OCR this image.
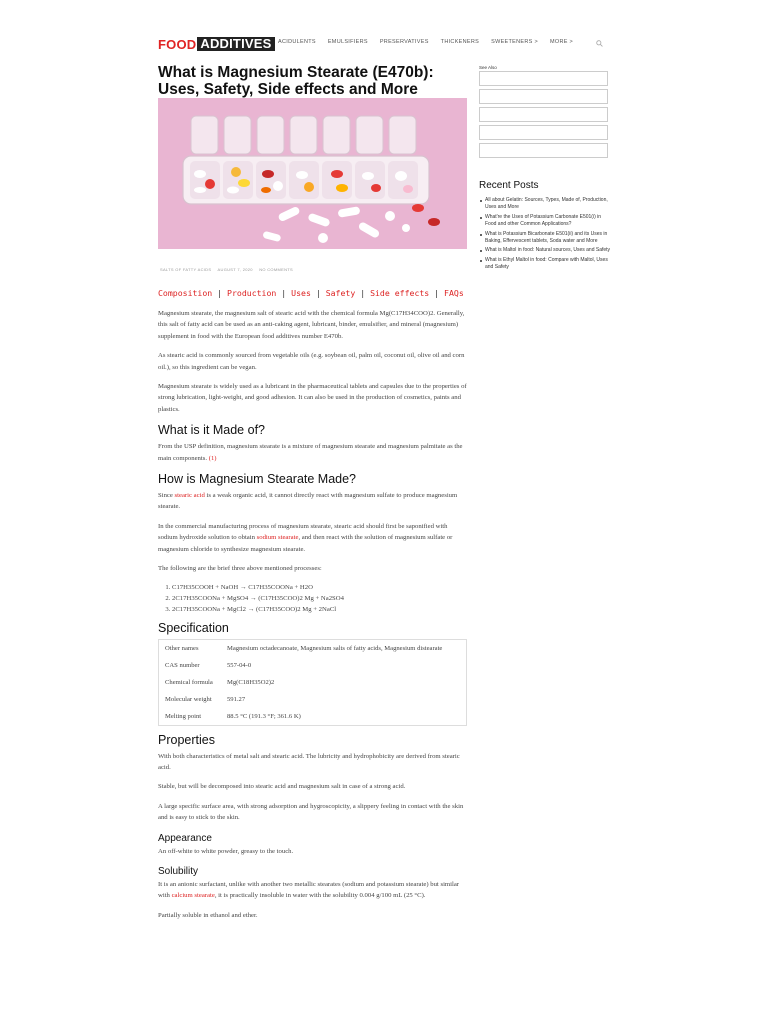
FOOD ADDITIVES	ACIDULENTS EMULSIFIERS PRESERVATIVES THICKENERS SWEETENERS > MORE >
What is Magnesium Stearate (E470b): Uses, Safety, Side effects and More
SALTS OF FATTY ACIDS AUGUST 7, 2020 NO COMMENTS
Composition | Production | Uses | Safety | Side effects | FAQs

Magnesium stearate, the magnesium salt of stearic acid with the chemical formula Mg(C17H34COO)2. Generally, this salt of fatty acid can be used as an anti-caking agent, lubricant, binder, emulsifier, and mineral (magnesium) supplement in food with the European food additives number E470b.

As stearic acid is commonly sourced from vegetable oils (e.g. soybean oil, palm oil, coconut oil, olive oil and corn oil.), so this ingredient can be vegan.

Magnesium stearate is widely used as a lubricant in the pharmaceutical tablets and capsules due to the properties of strong lubrication, light-weight, and good adhesion. It can also be used in the production of cosmetics, paints and plastics.

What is it Made of?

From the USP definition, magnesium stearate is a mixture of magnesium stearate and magnesium palmitate as the main components. (1)

How is Magnesium Stearate Made?

Since stearic acid is a weak organic acid, it cannot directly react with magnesium sulfate to produce magnesium stearate.

In the commercial manufacturing process of magnesium stearate, stearic acid should first be saponified with sodium hydroxide solution to obtain sodium stearate, and then react with the solution of magnesium sulfate or magnesium chloride to synthesize magnesium stearate.

The following are the brief three above mentioned processes:

1. C17H35COOH + NaOH → C17H35COONa + H2O
2. 2C17H35COONa + MgSO4 → (C17H35COO)2 Mg + Na2SO4
3. 2C17H35COONa + MgCl2 → (C17H35COO)2 Mg + 2NaCl
Specification
Other names	Magnesium octadecanoate, Magnesium salts of fatty acids, Magnesium distearate
CAS number	557-04-0
Chemical formula	Mg(C18H35O2)2
Molecular weight	591.27
Melting point	88.5 °C (191.3 °F; 361.6 K)
Properties

With both characteristics of metal salt and stearic acid. The lubricity and hydrophobicity are derived from stearic acid.

Stable, but will be decomposed into stearic acid and magnesium salt in case of a strong acid.

A large specific surface area, with strong adsorption and hygroscopicity, a slippery feeling in contact with the skin and is easy to stick to the skin.

Appearance

An off-white to white powder, greasy to the touch.

Solubility

It is an anionic surfactant, unlike with another two metallic stearates (sodium and potassium stearate) but similar with calcium stearate, it is practically insoluble in water with the solubility 0.004 g/100 mL (25 °C).

Partially soluble in ethanol and ether.

See Also
Recent Posts
All about Gelatin: Sources, Types, Made of, Production, Uses and More
What're the Uses of Potassium Carbonate E501(i) in Food and other Common Applications?
What is Potassium Bicarbonate E501(ii) and its Uses in Baking, Effervescent tablets, Soda water and More
What is Maltol in food: Natural sources, Uses and Safety
What is Ethyl Maltol in food: Compare with Maltol, Uses and Safety
